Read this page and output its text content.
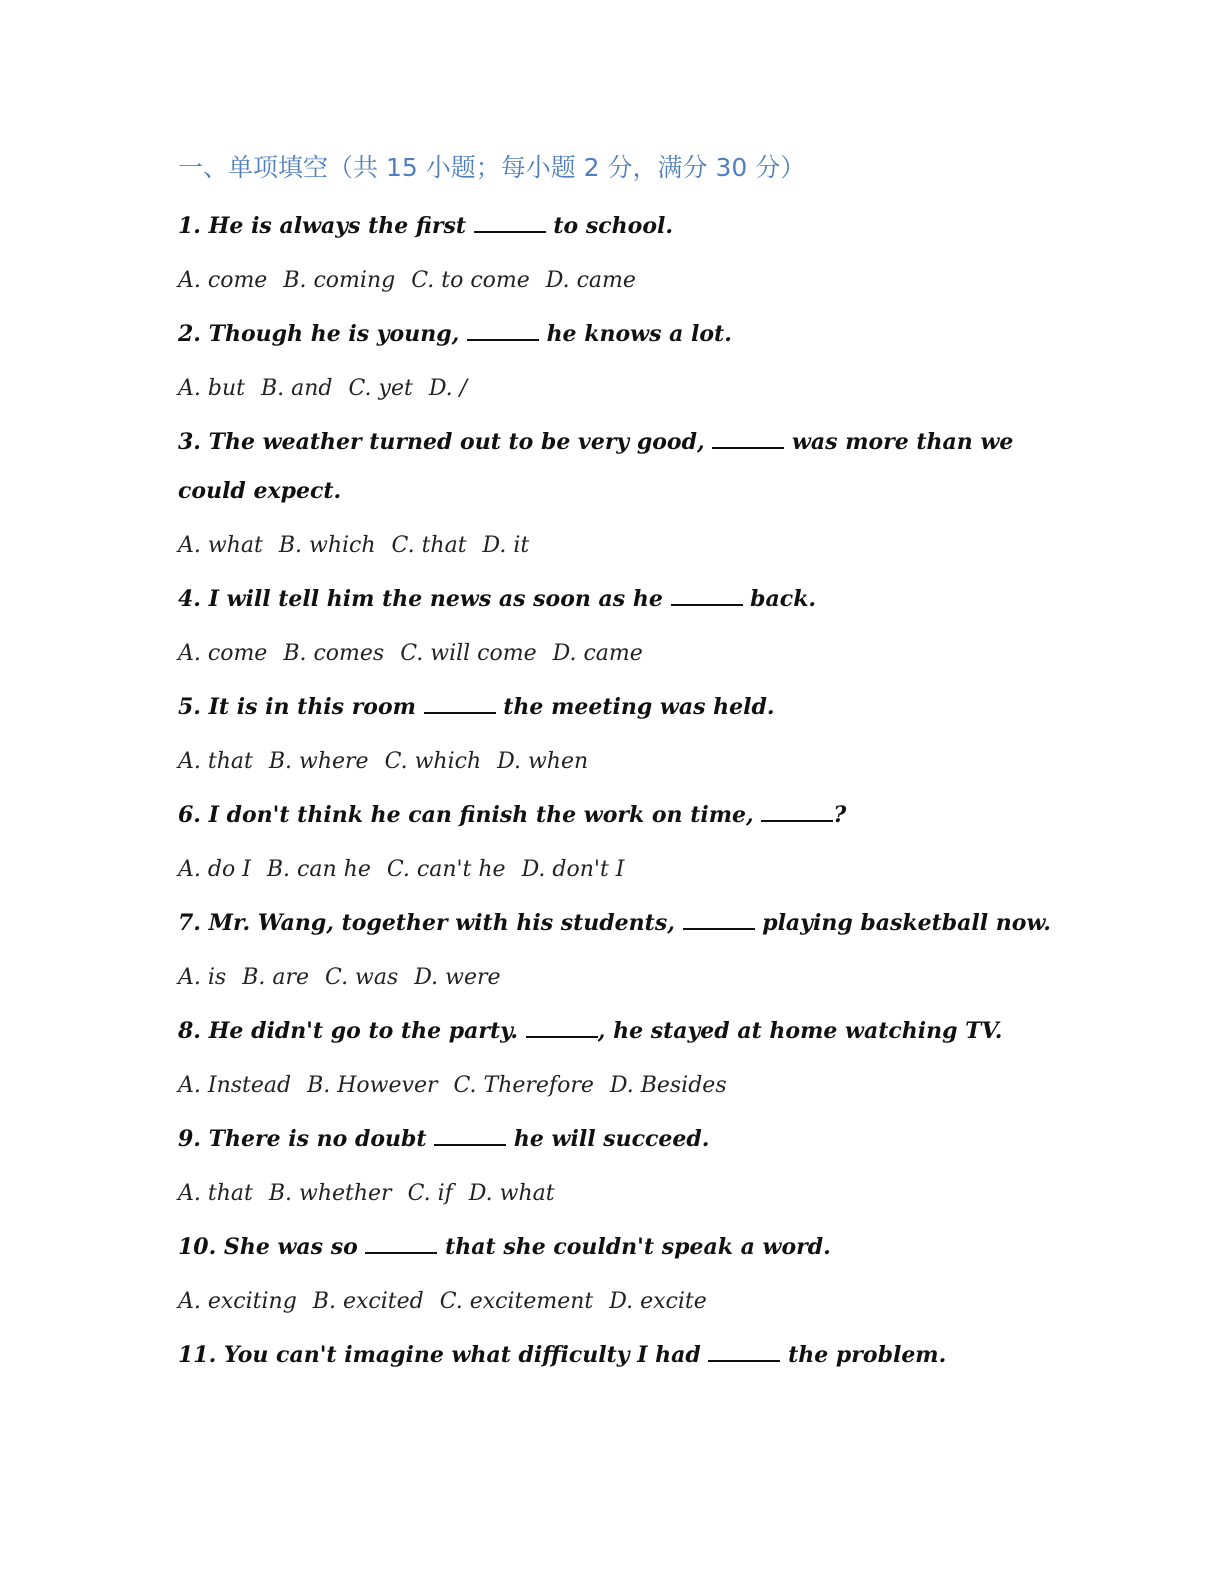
一、单项填空（共 15 小题；每小题 2 分，满分 30 分）
1. He is always the first	to school.
A. come B. coming C. to come D. came
2. Though he is young,	he knows a lot.
A. but B. and C. yet D. /
3. The weather turned out to be very good,	was more than we could expect.
A. what B. which C. that D. it
4. I will tell him the news as soon as he	back.
A. come B. comes C. will come D. came
5. It is in this room	the meeting was held.
A. that B. where C. which D. when
6. I don't think he can finish the work on time,	?
A. do I B. can he C. can't he D. don't I
7. Mr. Wang, together with his students,	playing basketball now.
A. is B. are C. was D. were
8. He didn't go to the party.	, he stayed at home watching TV.
A. Instead B. However C. Therefore D. Besides
9. There is no doubt	he will succeed.
A. that B. whether C. if D. what
10. She was so	that she couldn't speak a word.
A. exciting B. excited C. excitement D. excite
11. You can't imagine what difficulty I had	the problem.
